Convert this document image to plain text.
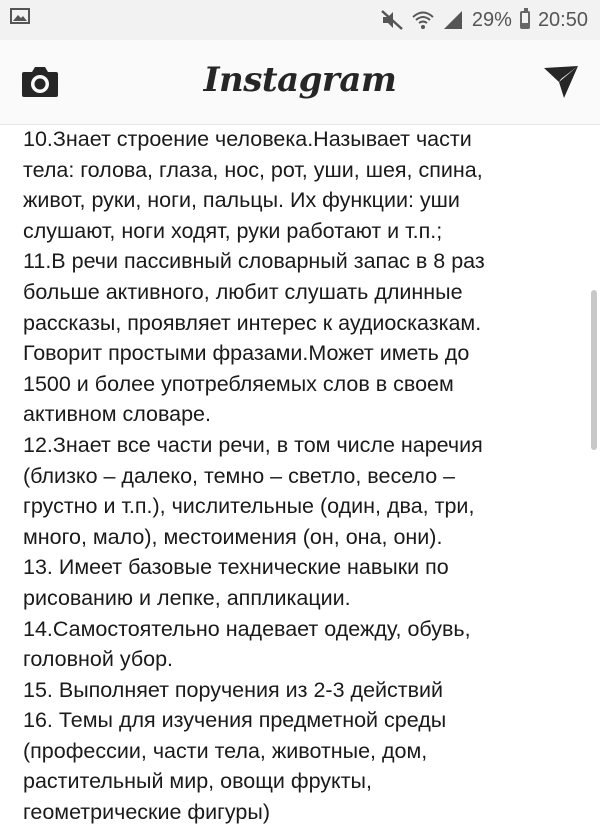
29% 20:50
Instagram
10.Знает строение человека.Называет части
тела: голова, глаза, нос, рот, уши, шея, спина,
живот, руки, ноги, пальцы. Их функции: уши
слушают, ноги ходят, руки работают и т.п.;
11.В речи пассивный словарный запас в 8 раз
больше активного, любит слушать длинные
рассказы, проявляет интерес к аудиосказкам.
Говорит простыми фразами.Может иметь до
1500 и более употребляемых слов в своем
активном словаре.
12.Знает все части речи, в том числе наречия
(близко – далеко, темно – светло, весело –
грустно и т.п.), числительные (один, два, три,
много, мало), местоимения (он, она, они).
13. Имеет базовые технические навыки по
рисованию и лепке, аппликации.
14.Самостоятельно надевает одежду, обувь,
головной убор.
15. Выполняет поручения из 2-3 действий
16. Темы для изучения предметной среды
(профессии, части тела, животные, дом,
растительный мир, овощи фрукты,
геометрические фигуры)
